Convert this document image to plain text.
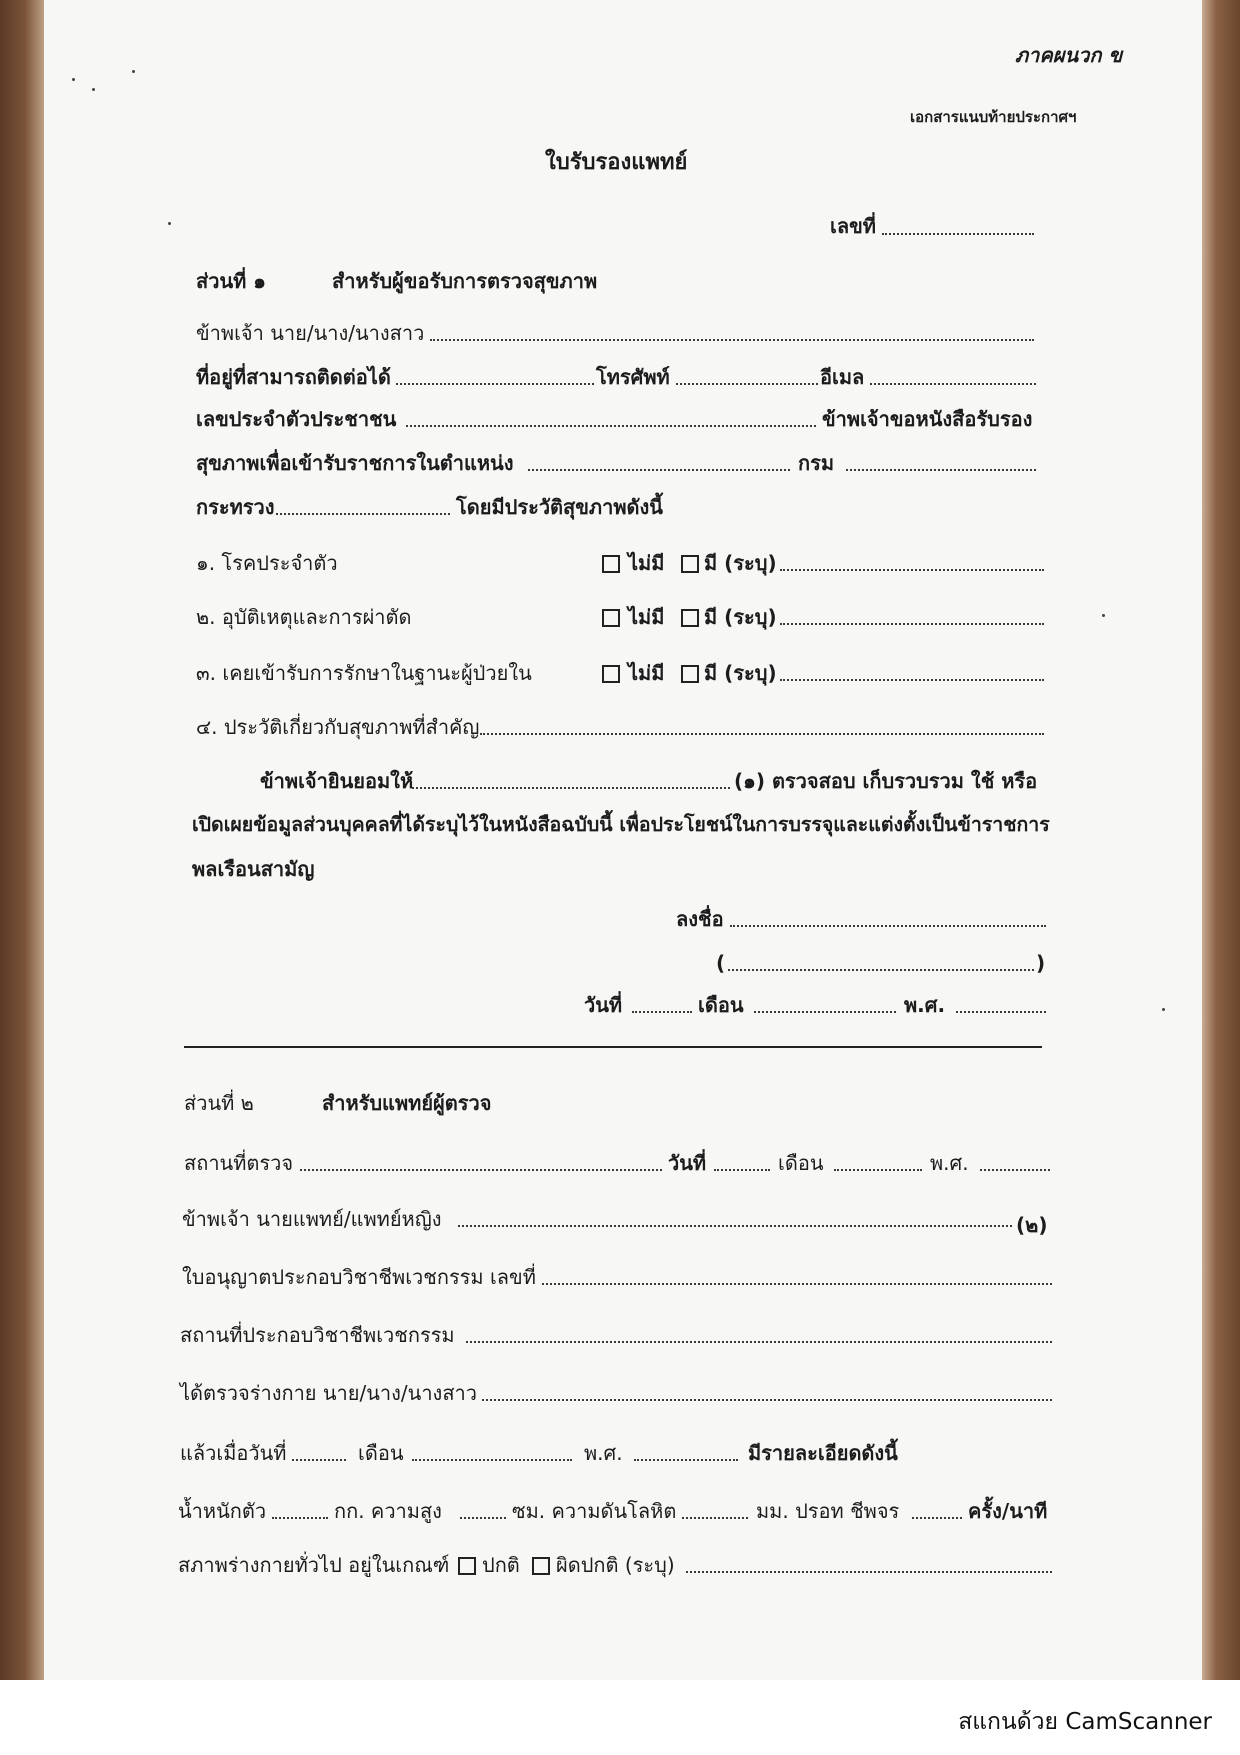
ภาคผนวก ข
เอกสารแนบท้ายประกาศฯ
ใบรับรองแพทย์
เลขที่
ส่วนที่ ๑	สำหรับผู้ขอรับการตรวจสุขภาพ
ข้าพเจ้า นาย/นาง/นางสาว
ที่อยู่ที่สามารถติดต่อได้	โทรศัพท์	อีเมล
เลขประจำตัวประชาชน	ข้าพเจ้าขอหนังสือรับรอง
สุขภาพเพื่อเข้ารับราชการในตำแหน่ง	กรม
กระทรวง	โดยมีประวัติสุขภาพดังนี้
๑. โรคประจำตัว	ไม่มี มี (ระบุ)
๒. อุบัติเหตุและการผ่าตัด	ไม่มี มี (ระบุ)
๓. เคยเข้ารับการรักษาในฐานะผู้ป่วยใน	ไม่มี มี (ระบุ)
๔. ประวัติเกี่ยวกับสุขภาพที่สำคัญ
ข้าพเจ้ายินยอมให้	(๑) ตรวจสอบ เก็บรวบรวม ใช้ หรือ
เปิดเผยข้อมูลส่วนบุคคลที่ได้ระบุไว้ในหนังสือฉบับนี้ เพื่อประโยชน์ในการบรรจุและแต่งตั้งเป็นข้าราชการ
พลเรือนสามัญ
ลงชื่อ
(	)
วันที่	เดือน	พ.ศ.
ส่วนที่ ๒	สำหรับแพทย์ผู้ตรวจ
สถานที่ตรวจ	วันที่	เดือน	พ.ศ.
ข้าพเจ้า นายแพทย์/แพทย์หญิง	(๒)
ใบอนุญาตประกอบวิชาชีพเวชกรรม เลขที่
สถานที่ประกอบวิชาชีพเวชกรรม
ได้ตรวจร่างกาย นาย/นาง/นางสาว
แล้วเมื่อวันที่	เดือน	พ.ศ.	มีรายละเอียดดังนี้
น้ำหนักตัว	กก. ความสูง	ซม. ความดันโลหิต	มม. ปรอท ชีพจร	ครั้ง/นาที
สภาพร่างกายทั่วไป อยู่ในเกณฑ์ ปกติ ผิดปกติ (ระบุ)
สแกนด้วย CamScanner
